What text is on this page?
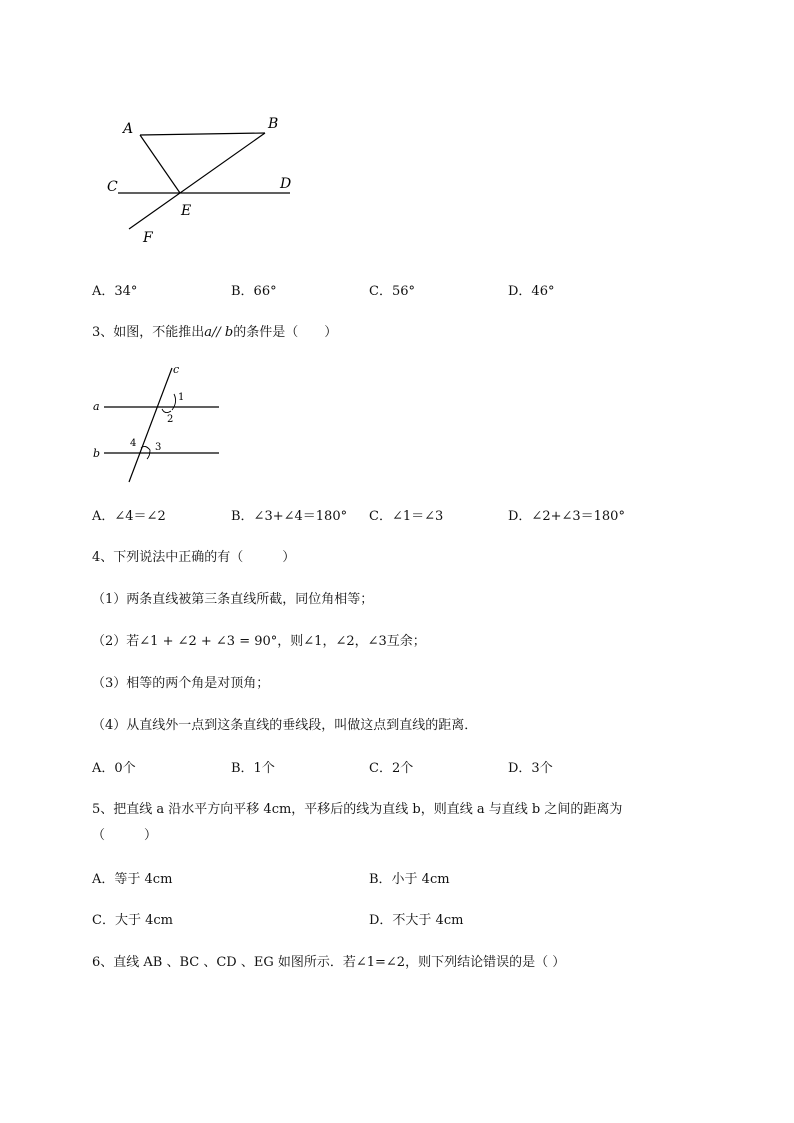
A	B
C	D
E
F
A．34°	B．66°	C．56°	D．46°
3、如图，不能推出a// b的条件是（　　）
a
b
c
1
2
3
4
A．∠4＝∠2	B．∠3+∠4＝180° C．∠1＝∠3	D．∠2+∠3＝180°
4、下列说法中正确的有（　　　）
（1）两条直线被第三条直线所截，同位角相等；
（2）若∠1 + ∠2 + ∠3 = 90°，则∠1，∠2，∠3互余；
（3）相等的两个角是对顶角；
（4）从直线外一点到这条直线的垂线段，叫做这点到直线的距离．
A．0个	B．1个	C．2个	D．3个
5、把直线 a 沿水平方向平移 4cm，平移后的线为直线 b，则直线 a 与直线 b 之间的距离为
（　　　）
A．等于 4cm	B．小于 4cm
C．大于 4cm	D．不大于 4cm
6、直线 AB 、BC 、CD 、EG 如图所示．若∠1=∠2，则下列结论错误的是（ ）
